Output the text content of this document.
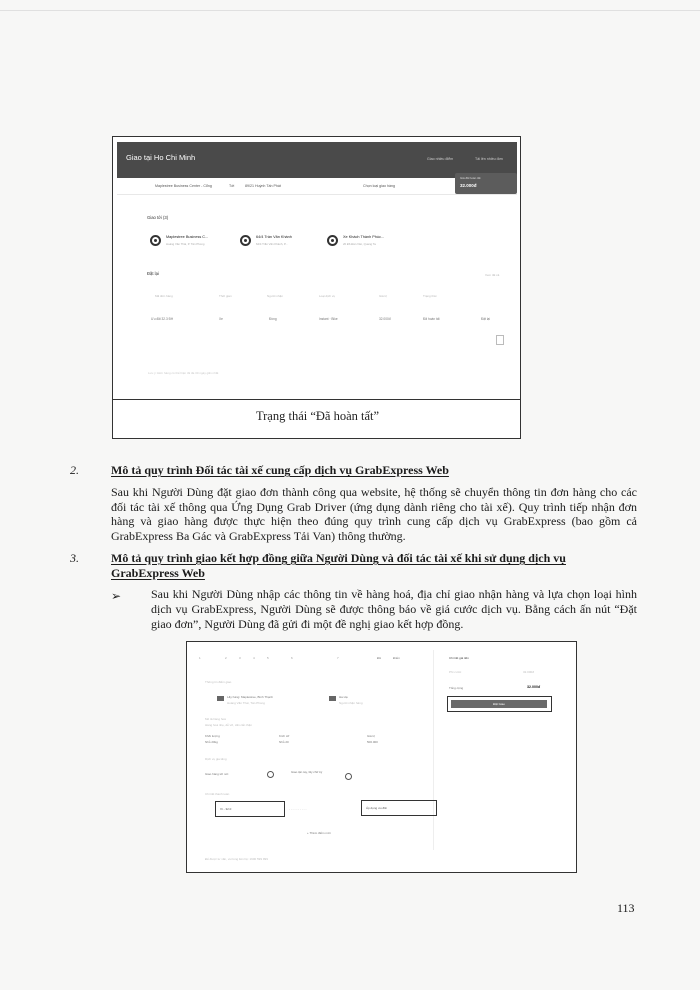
Giao tại Ho Chi Minh	Giao nhiều điểm	Tải lên nhiều đơn
Maplestree Business Center - Cổng	Tới	89/21 Huỳnh Tấn Phát	Chọn loại giao hàng
Giá đã hoàn tất
32.000đ
Giao tới (3)
Maplestree Business C...
Hoàng Văn Thái, P. Tân Phong
64/4 Trần Văn Khánh
64/4 Trần Văn Khánh, P...
Xe Khách Thành Phúc...
20 Đồ Đàn Vân, Quang Ta
Đặt lại	Xem tất cả
Mã đơn hàng	Thời gian	Người nhận	Loại dịch vụ	Giá trị	Trạng thái
Ưu đãi 32.3 ĐH	Xe	Đồng	Instant · Bike	32.000đ	Đã hoàn tất	Đặt lại
Lưu ý: Đơn hàng có thể hiện tối đa 30 ngày gần nhất
Trạng thái “Đã hoàn tất”
2.	Mô tả quy trình Đối tác tài xế cung cấp dịch vụ GrabExpress Web

Sau khi Người Dùng đặt giao đơn thành công qua website, hệ thống sẽ chuyển thông tin đơn hàng cho các đối tác tài xế thông qua Ứng Dụng Grab Driver (ứng dụng dành riêng cho tài xế). Quy trình tiếp nhận đơn hàng và giao hàng được thực hiện theo đúng quy trình cung cấp dịch vụ GrabExpress (bao gồm cả GrabExpress Ba Gác và GrabExpress Tải Van) thông thường.

3.	Mô tả quy trình giao kết hợp đồng giữa Người Dùng và đối tác tài xế khi sử dụng dịch vụ
GrabExpress Web
➢ Sau khi Người Dùng nhập các thông tin về hàng hoá, địa chỉ giao nhận hàng và lựa chọn loại hình dịch vụ GrabExpress, Người Dùng sẽ được thông báo về giá cước dịch vụ. Bằng cách ấn nút “Đặt giao đơn”, Người Dùng đã gửi đi một đề nghị giao kết hợp đồng.

1	2	3	4	5	6	7	Đã	Điểm	Chi tiết giá tiền
Phí cước	32.000đ
Tổng cộng	32.000đ
Đặt Giao
Thông tin điểm giao
Lấy hàng: Maplestree, Bình Thạnh
Hoàng Văn Thái, Tân Phong
Ha Hạ
Người nhận hàng
Mô tả hàng hoá
Hàng hoá nhẹ, dễ vỡ, cần cẩn thận
Khối lượng
Nhỏ 20kg
Kích cỡ
Nhỏ 20
Giá trị
500.000
Dịch vụ gia tăng
Giao hàng tới nơi	Giao tận tay, lấy chữ ký
Chi tiết thanh toán
Ví - 32.0	- - - - - - - - - -	Áp dụng ưu đãi
+ Thêm điểm mới
Để được tư vấn, vui lòng liên hệ: 1900 599 999
113
